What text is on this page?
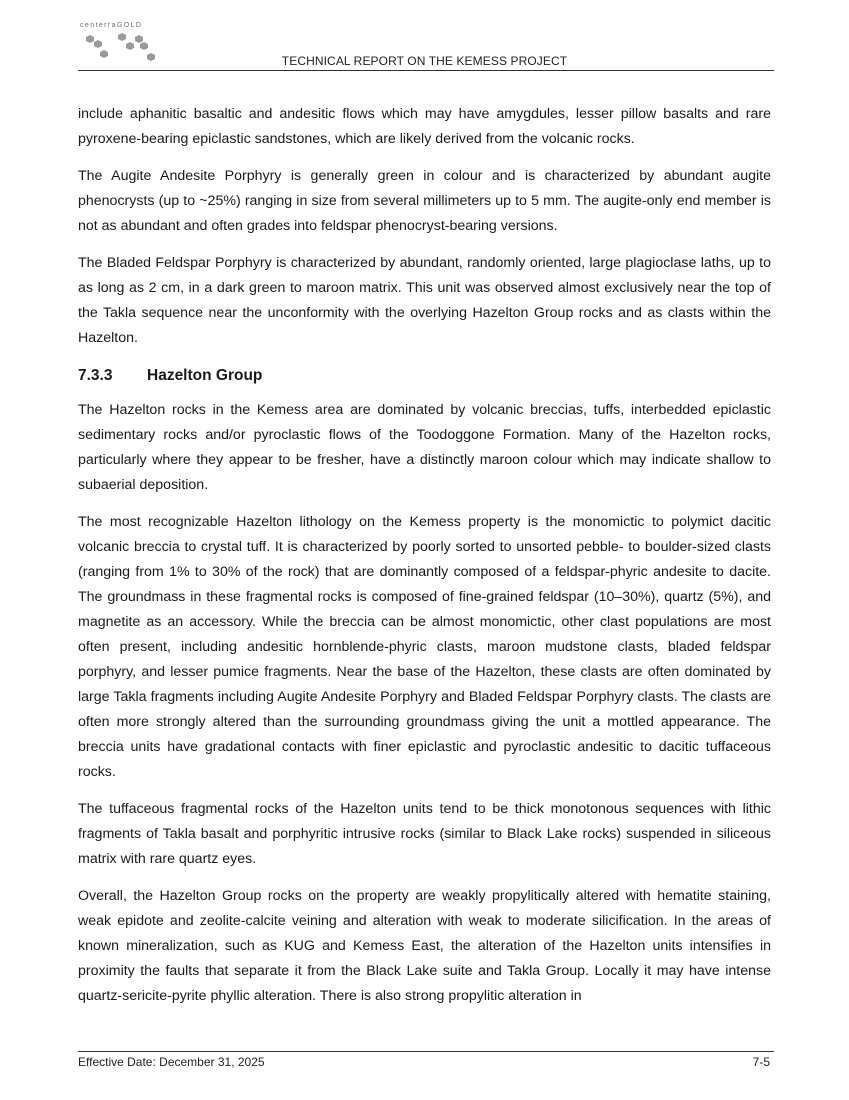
centerraGOLD
TECHNICAL REPORT ON THE KEMESS PROJECT

include aphanitic basaltic and andesitic flows which may have amygdules, lesser pillow basalts and rare pyroxene-bearing epiclastic sandstones, which are likely derived from the volcanic rocks.

The Augite Andesite Porphyry is generally green in colour and is characterized by abundant augite phenocrysts (up to ~25%) ranging in size from several millimeters up to 5 mm. The augite-only end member is not as abundant and often grades into feldspar phenocryst-bearing versions.

The Bladed Feldspar Porphyry is characterized by abundant, randomly oriented, large plagioclase laths, up to as long as 2 cm, in a dark green to maroon matrix. This unit was observed almost exclusively near the top of the Takla sequence near the unconformity with the overlying Hazelton Group rocks and as clasts within the Hazelton.

7.3.3 Hazelton Group

The Hazelton rocks in the Kemess area are dominated by volcanic breccias, tuffs, interbedded epiclastic sedimentary rocks and/or pyroclastic flows of the Toodoggone Formation. Many of the Hazelton rocks, particularly where they appear to be fresher, have a distinctly maroon colour which may indicate shallow to subaerial deposition.

The most recognizable Hazelton lithology on the Kemess property is the monomictic to polymict dacitic volcanic breccia to crystal tuff. It is characterized by poorly sorted to unsorted pebble- to boulder-sized clasts (ranging from 1% to 30% of the rock) that are dominantly composed of a feldspar-phyric andesite to dacite. The groundmass in these fragmental rocks is composed of fine-grained feldspar (10–30%), quartz (5%), and magnetite as an accessory. While the breccia can be almost monomictic, other clast populations are most often present, including andesitic hornblende-phyric clasts, maroon mudstone clasts, bladed feldspar porphyry, and lesser pumice fragments. Near the base of the Hazelton, these clasts are often dominated by large Takla fragments including Augite Andesite Porphyry and Bladed Feldspar Porphyry clasts. The clasts are often more strongly altered than the surrounding groundmass giving the unit a mottled appearance. The breccia units have gradational contacts with finer epiclastic and pyroclastic andesitic to dacitic tuffaceous rocks.

The tuffaceous fragmental rocks of the Hazelton units tend to be thick monotonous sequences with lithic fragments of Takla basalt and porphyritic intrusive rocks (similar to Black Lake rocks) suspended in siliceous matrix with rare quartz eyes.

Overall, the Hazelton Group rocks on the property are weakly propylitically altered with hematite staining, weak epidote and zeolite-calcite veining and alteration with weak to moderate silicification. In the areas of known mineralization, such as KUG and Kemess East, the alteration of the Hazelton units intensifies in proximity the faults that separate it from the Black Lake suite and Takla Group. Locally it may have intense quartz-sericite-pyrite phyllic alteration. There is also strong propylitic alteration in

Effective Date: December 31, 2025	7-5
